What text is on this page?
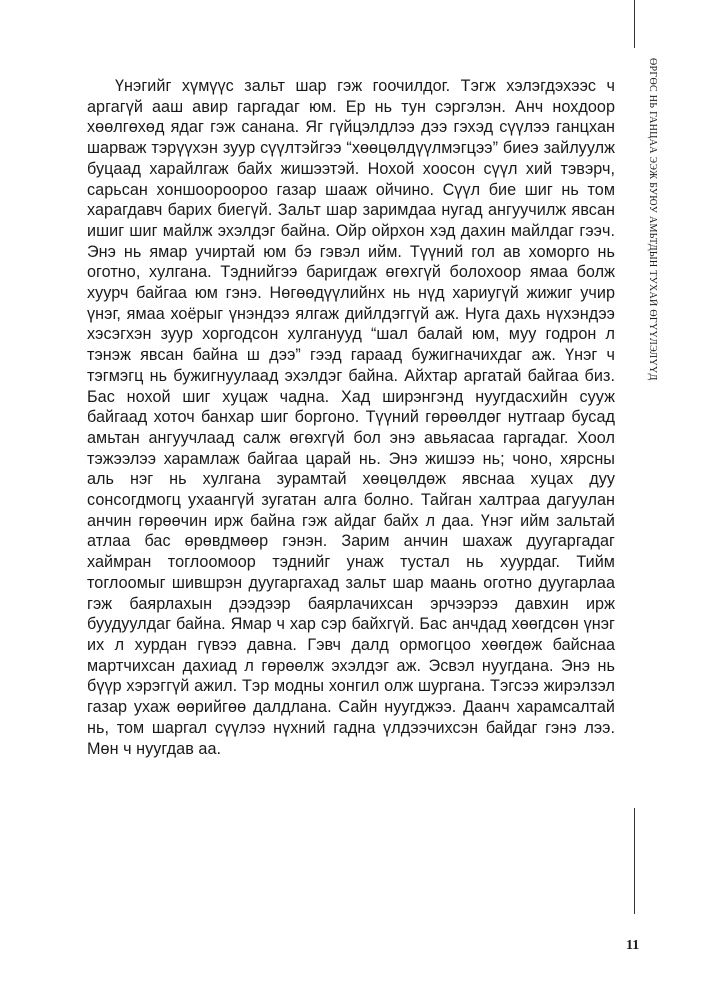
ӨРГӨС НЬ ГАНЦАА ЭЭЖ БУЮУ АМЬТДЫН ТУХАЙ ӨГҮҮЛЭЛҮҮД

Үнэгийг хүмүүс зальт шар гэж гоочилдог. Тэгж хэлэгдэхээс ч аргагүй ааш авир гаргадаг юм. Ер нь тун сэргэлэн. Анч нохдоор хөөлгөхөд ядаг гэж санана. Яг гүйцэлдлээ дээ гэхэд сүүлээ ганцхан шарваж тэрүүхэн зуур сүүлтэйгээ “хөөцөлдүүлмэгцээ” биеэ зайлуулж буцаад харайлгаж байх жишээтэй. Нохой хоосон сүүл хий тэвэрч, сарьсан хоншоороороо газар шааж ойчино. Сүүл бие шиг нь том харагдавч барих биегүй. Зальт шар заримдаа нугад ангуучилж явсан ишиг шиг майлж эхэлдэг байна. Ойр ойрхон хэд дахин майлдаг гээч. Энэ нь ямар учиртай юм бэ гэвэл ийм. Түүний гол ав хоморго нь оготно, хулгана. Тэднийгээ баригдаж өгөхгүй болохоор ямаа болж хуурч байгаа юм гэнэ. Нөгөөдүүлийнх нь нүд хариугүй жижиг учир үнэг, ямаа хоёрыг үнэндээ ялгаж дийлдэггүй аж. Нуга дахь нүхэндээ хэсэгхэн зуур хоргодсон хулганууд “шал балай юм, муу годрон л тэнэж явсан байна ш дээ” гээд гараад бужигначихдаг аж. Үнэг ч тэгмэгц нь бужигнуулаад эхэлдэг байна. Айхтар аргатай байгаа биз. Бас нохой шиг хуцаж чадна. Хад ширэнгэнд нуугдасхийн сууж байгаад хоточ банхар шиг боргоно. Түүний гөрөөлдөг нутгаар бусад амьтан ангуучлаад салж өгөхгүй бол энэ авьяасаа гаргадаг. Хоол тэжээлээ харамлаж байгаа царай нь. Энэ жишээ нь; чоно, хярсны аль нэг нь хулгана зурамтай хөөцөлдөж явснаа хуцах дуу сонсогдмогц ухаангүй зугатан алга болно. Тайган халтраа дагуулан анчин гөрөөчин ирж байна гэж айдаг байх л даа. Үнэг ийм зальтай атлаа бас өрөвдмөөр гэнэн. Зарим анчин шахаж дуугаргадаг хаймран тоглоомоор тэднийг унаж тустал нь хуурдаг. Тийм тоглоомыг шившрэн дуугаргахад зальт шар маань оготно дуугарлаа гэж баярлахын дээдээр баярлачихсан эрчээрээ давхин ирж буудуулдаг байна. Ямар ч хар сэр байхгүй. Бас анчдад хөөгдсөн үнэг их л хурдан гүвээ давна. Гэвч далд ормогцоо хөөгдөж байснаа мартчихсан дахиад л гөрөөлж эхэлдэг аж. Эсвэл нуугдана. Энэ нь бүүр хэрэггүй ажил. Тэр модны хонгил олж шургана. Тэгсээ жирэлзэл газар ухаж өөрийгөө далдлана. Сайн нуугджээ. Даанч харамсалтай нь, том шаргал сүүлээ нүхний гадна үлдээчихсэн байдаг гэнэ лээ. Мөн ч нуугдав аа.

11
